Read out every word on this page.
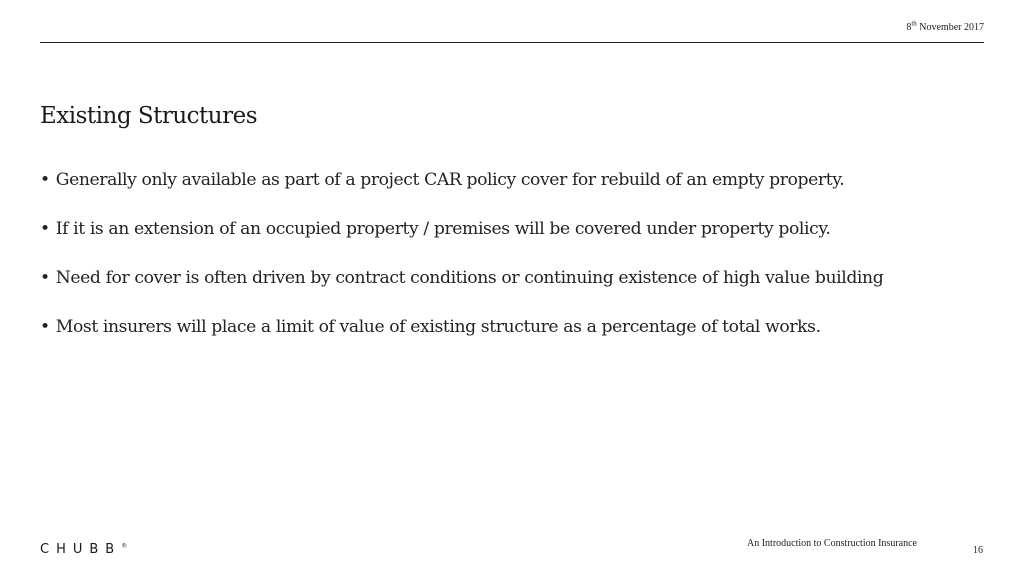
8th November 2017
Existing Structures
• Generally only available as part of a project CAR policy cover for rebuild of an empty property.
• If it is an extension of an occupied property / premises will be covered under property policy.
• Need for cover is often driven by contract conditions or continuing existence of high value building
• Most insurers will place a limit of value of existing structure as a percentage of total works.
CHUBB®	An Introduction to Construction Insurance
16
